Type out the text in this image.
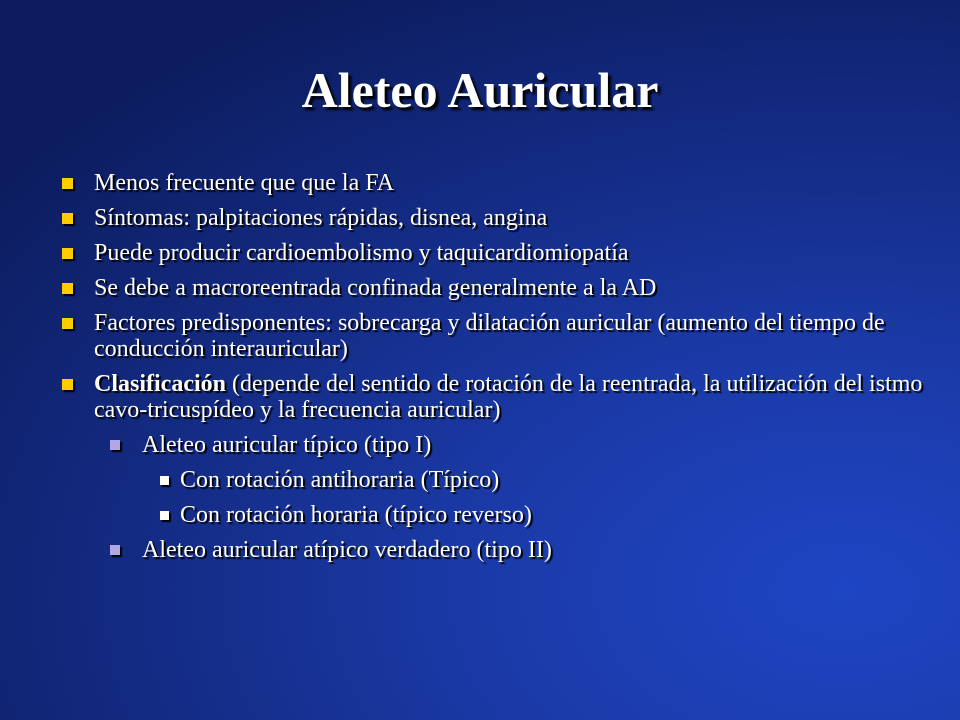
Aleteo Auricular
Menos frecuente que que la FA
Síntomas: palpitaciones rápidas, disnea, angina
Puede producir cardioembolismo y taquicardiomiopatía
Se debe a macroreentrada confinada generalmente a la AD
Factores predisponentes: sobrecarga y dilatación auricular (aumento del tiempo de conducción interauricular)
Clasificación (depende del sentido de rotación de la reentrada, la utilización del istmo cavo-tricuspídeo y la frecuencia auricular)
Aleteo auricular típico (tipo I)
Con rotación antihoraria (Típico)
Con rotación horaria (típico reverso)
Aleteo auricular atípico verdadero (tipo II)
